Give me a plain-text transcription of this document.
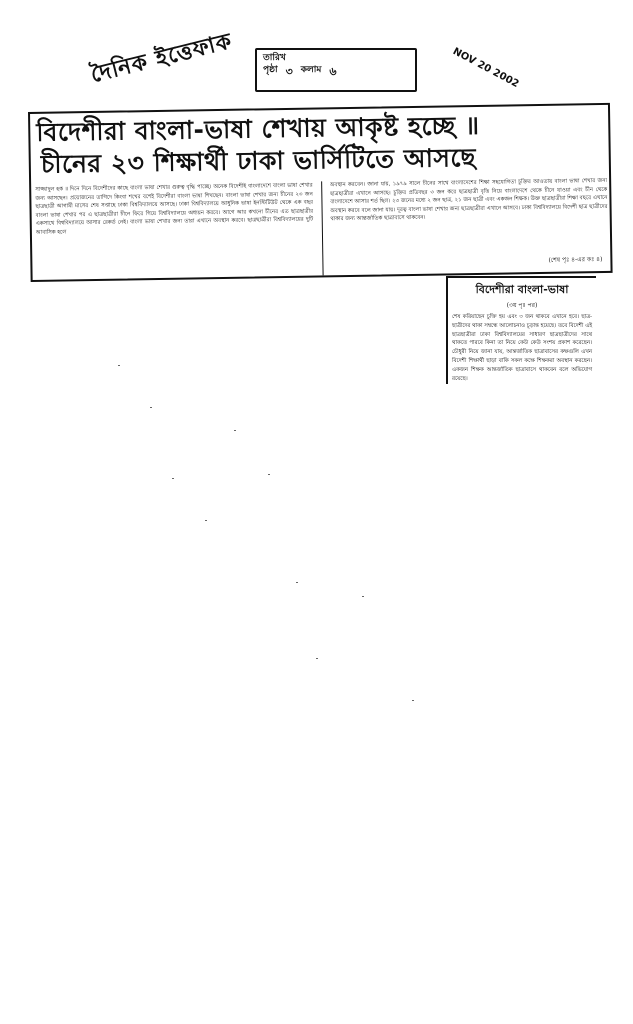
দৈনিক ইত্তেফাক	তারিখ
পৃষ্ঠা ৩ কলাম ৬	NOV 20 2002
বিদেশীরা বাংলা-ভাষা শেখায় আকৃষ্ট হচ্ছে ॥
চীনের ২৩ শিক্ষার্থী ঢাকা ভার্সিটিতে আসছে
সাজ্জাদুল হক ॥ দিনে দিনে বিদেশীদের কাছে বাংলা ভাষা শেখার গুরুত্ব বৃদ্ধি পাচ্ছে। অনেক বিদেশীই বাংলাদেশে বাংলা ভাষা শেখার জন্য আসছেন। প্রয়োজনের তাগিদে কিংবা শখের বশেই বিদেশীরা বাংলা ভাষা শিখছেন। বাংলা ভাষা শেখার জন্য চীনের ২৩ জন ছাত্রছাত্রী আগামী মাসের শেষ সপ্তাহে ঢাকা বিশ্ববিদ্যালয়ে আসছে। ঢাকা বিশ্ববিদ্যালয়ে আধুনিক ভাষা ইনস্টিটিউট থেকে এক বছর বাংলা ভাষা শেখার পর এ ছাত্রছাত্রীরা চীনে ফিরে গিয়ে বিশ্ববিদ্যালয়ে অধ্যয়ন করবে। আগে আর কখনো চীনের এত ছাত্রছাত্রীর একসাথে বিশ্ববিদ্যালয়ে আসার রেকর্ড নেই। বাংলা ভাষা শেখার জন্য তারা এখানে অবস্থান করবে। ছাত্রছাত্রীরা বিশ্ববিদ্যালয়ের দুটি আবাসিক হলে
অবস্থান করবেন। জানা যায়, ১৯৭৯ সালে চীনের সাথে বাংলাদেশের শিক্ষা সহযোগিতা চুক্তির আওতায় বাংলা ভাষা শেখার জন্য ছাত্রছাত্রীরা এখানে আসছে। চুক্তির প্রতিবছর ৩ জন করে ছাত্রছাত্রী বৃত্তি নিয়ে বাংলাদেশে থেকে চীনে যাওয়া এবং চীন থেকে বাংলাদেশে আসার শর্ত ছিল। ২৩ জনের মধ্যে ২ জন ছাত্র, ২১ জন ছাত্রী এবং একজন শিক্ষক। উক্ত ছাত্রছাত্রীরা শিক্ষা বছরে এখানে অবস্থান করবে বলে জানা যায়। দূরত্ব বাংলা ভাষা শেখার জন্য ছাত্রছাত্রীরা এখানে আসবে। ঢাকা বিশ্ববিদ্যালয়ে বিদেশী ছাত্র ছাত্রীদের থাকার জন্য আন্তর্জাতিক ছাত্রাবাসে থাকবেন।
(শেষ পৃঃ ৪-এর কঃ ৪)
বিদেশীরা বাংলা-ভাষা
(৩য় পৃঃ পর)
শেষ করিয়াছেন চুক্তি হয় এবং ৩ জন থাকবে এখানে হবে। ছাত্র-ছাত্রীদের থাকা সম্বন্ধে আলোচনাও চূড়ান্ত হয়েছে। তবে বিদেশী এই ছাত্রছাত্রীরা ঢাকা বিশ্ববিদ্যালয়ের সাধারণ ছাত্রছাত্রীদের সাথে থাকতে পারবে কিনা তা নিয়ে কেউ কেউ সংশয় প্রকাশ করেছেন। চৌধুরী নিয়ে জানা যায়, আন্তর্জাতিক ছাত্রাবাসের কক্ষগুলি এখন বিদেশী শিক্ষার্থী ছাড়া বাকি সকল কক্ষে শিক্ষকরা অবস্থান করছেন। একজন শিক্ষক আন্তর্জাতিক ছাত্রাবাসে থাকবেন বলে অভিযোগ রয়েছে।
